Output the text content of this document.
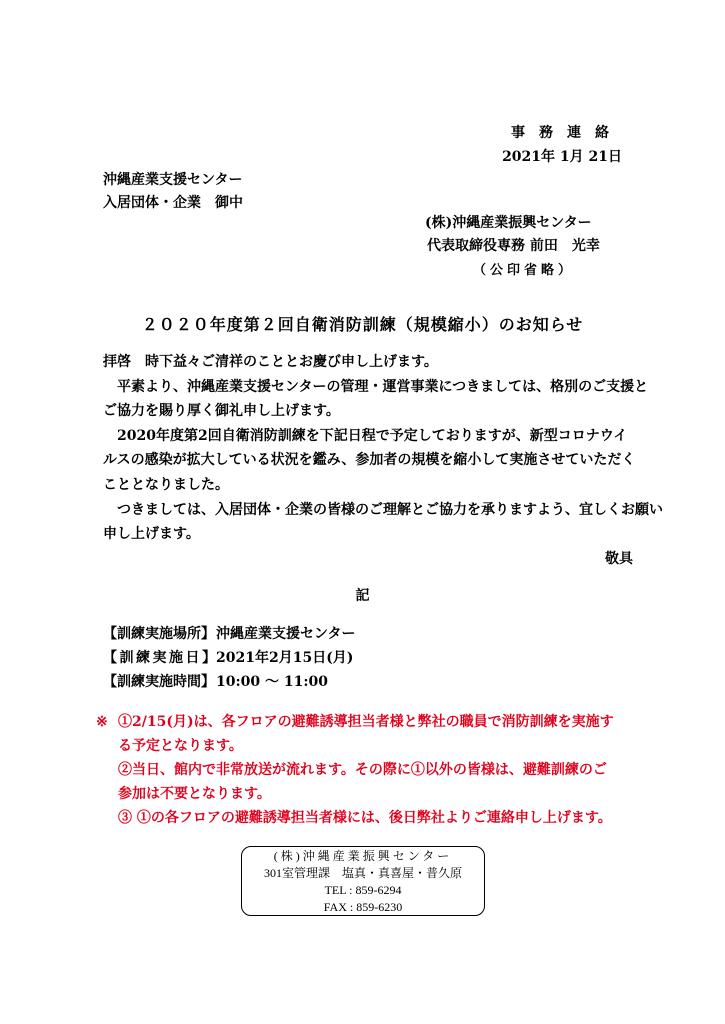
事務連絡
2021年 1月 21日
沖縄産業支援センター
入居団体・企業　御中
(株)沖縄産業振興センター
代表取締役専務 前田　光幸
（公印省略）
２０２０年度第２回自衛消防訓練（規模縮小）のお知らせ
拝啓　時下益々ご清祥のこととお慶び申し上げます。
　平素より、沖縄産業支援センターの管理・運営事業につきましては、格別のご支援と
ご協力を賜り厚く御礼申し上げます。
　2020年度第2回自衛消防訓練を下記日程で予定しておりますが、新型コロナウイ
ルスの感染が拡大している状況を鑑み、参加者の規模を縮小して実施させていただく
こととなりました。
　つきましては、入居団体・企業の皆様のご理解とご協力を承りますよう、宜しくお願い
申し上げます。
敬具
記
【訓練実施場所】沖縄産業支援センター
【訓練実施日】2021年2月15日(月)
【訓練実施時間】10:00 ～ 11:00
※ ①2/15(月)は、各フロアの避難誘導担当者様と弊社の職員で消防訓練を実施す
る予定となります。
②当日、館内で非常放送が流れます。その際に①以外の皆様は、避難訓練のご
参加は不要となります。
③ ①の各フロアの避難誘導担当者様には、後日弊社よりご連絡申し上げます。
(株)沖縄産業振興センター
301室管理課　塩真・真喜屋・普久原
TEL : 859-6294
FAX : 859-6230
